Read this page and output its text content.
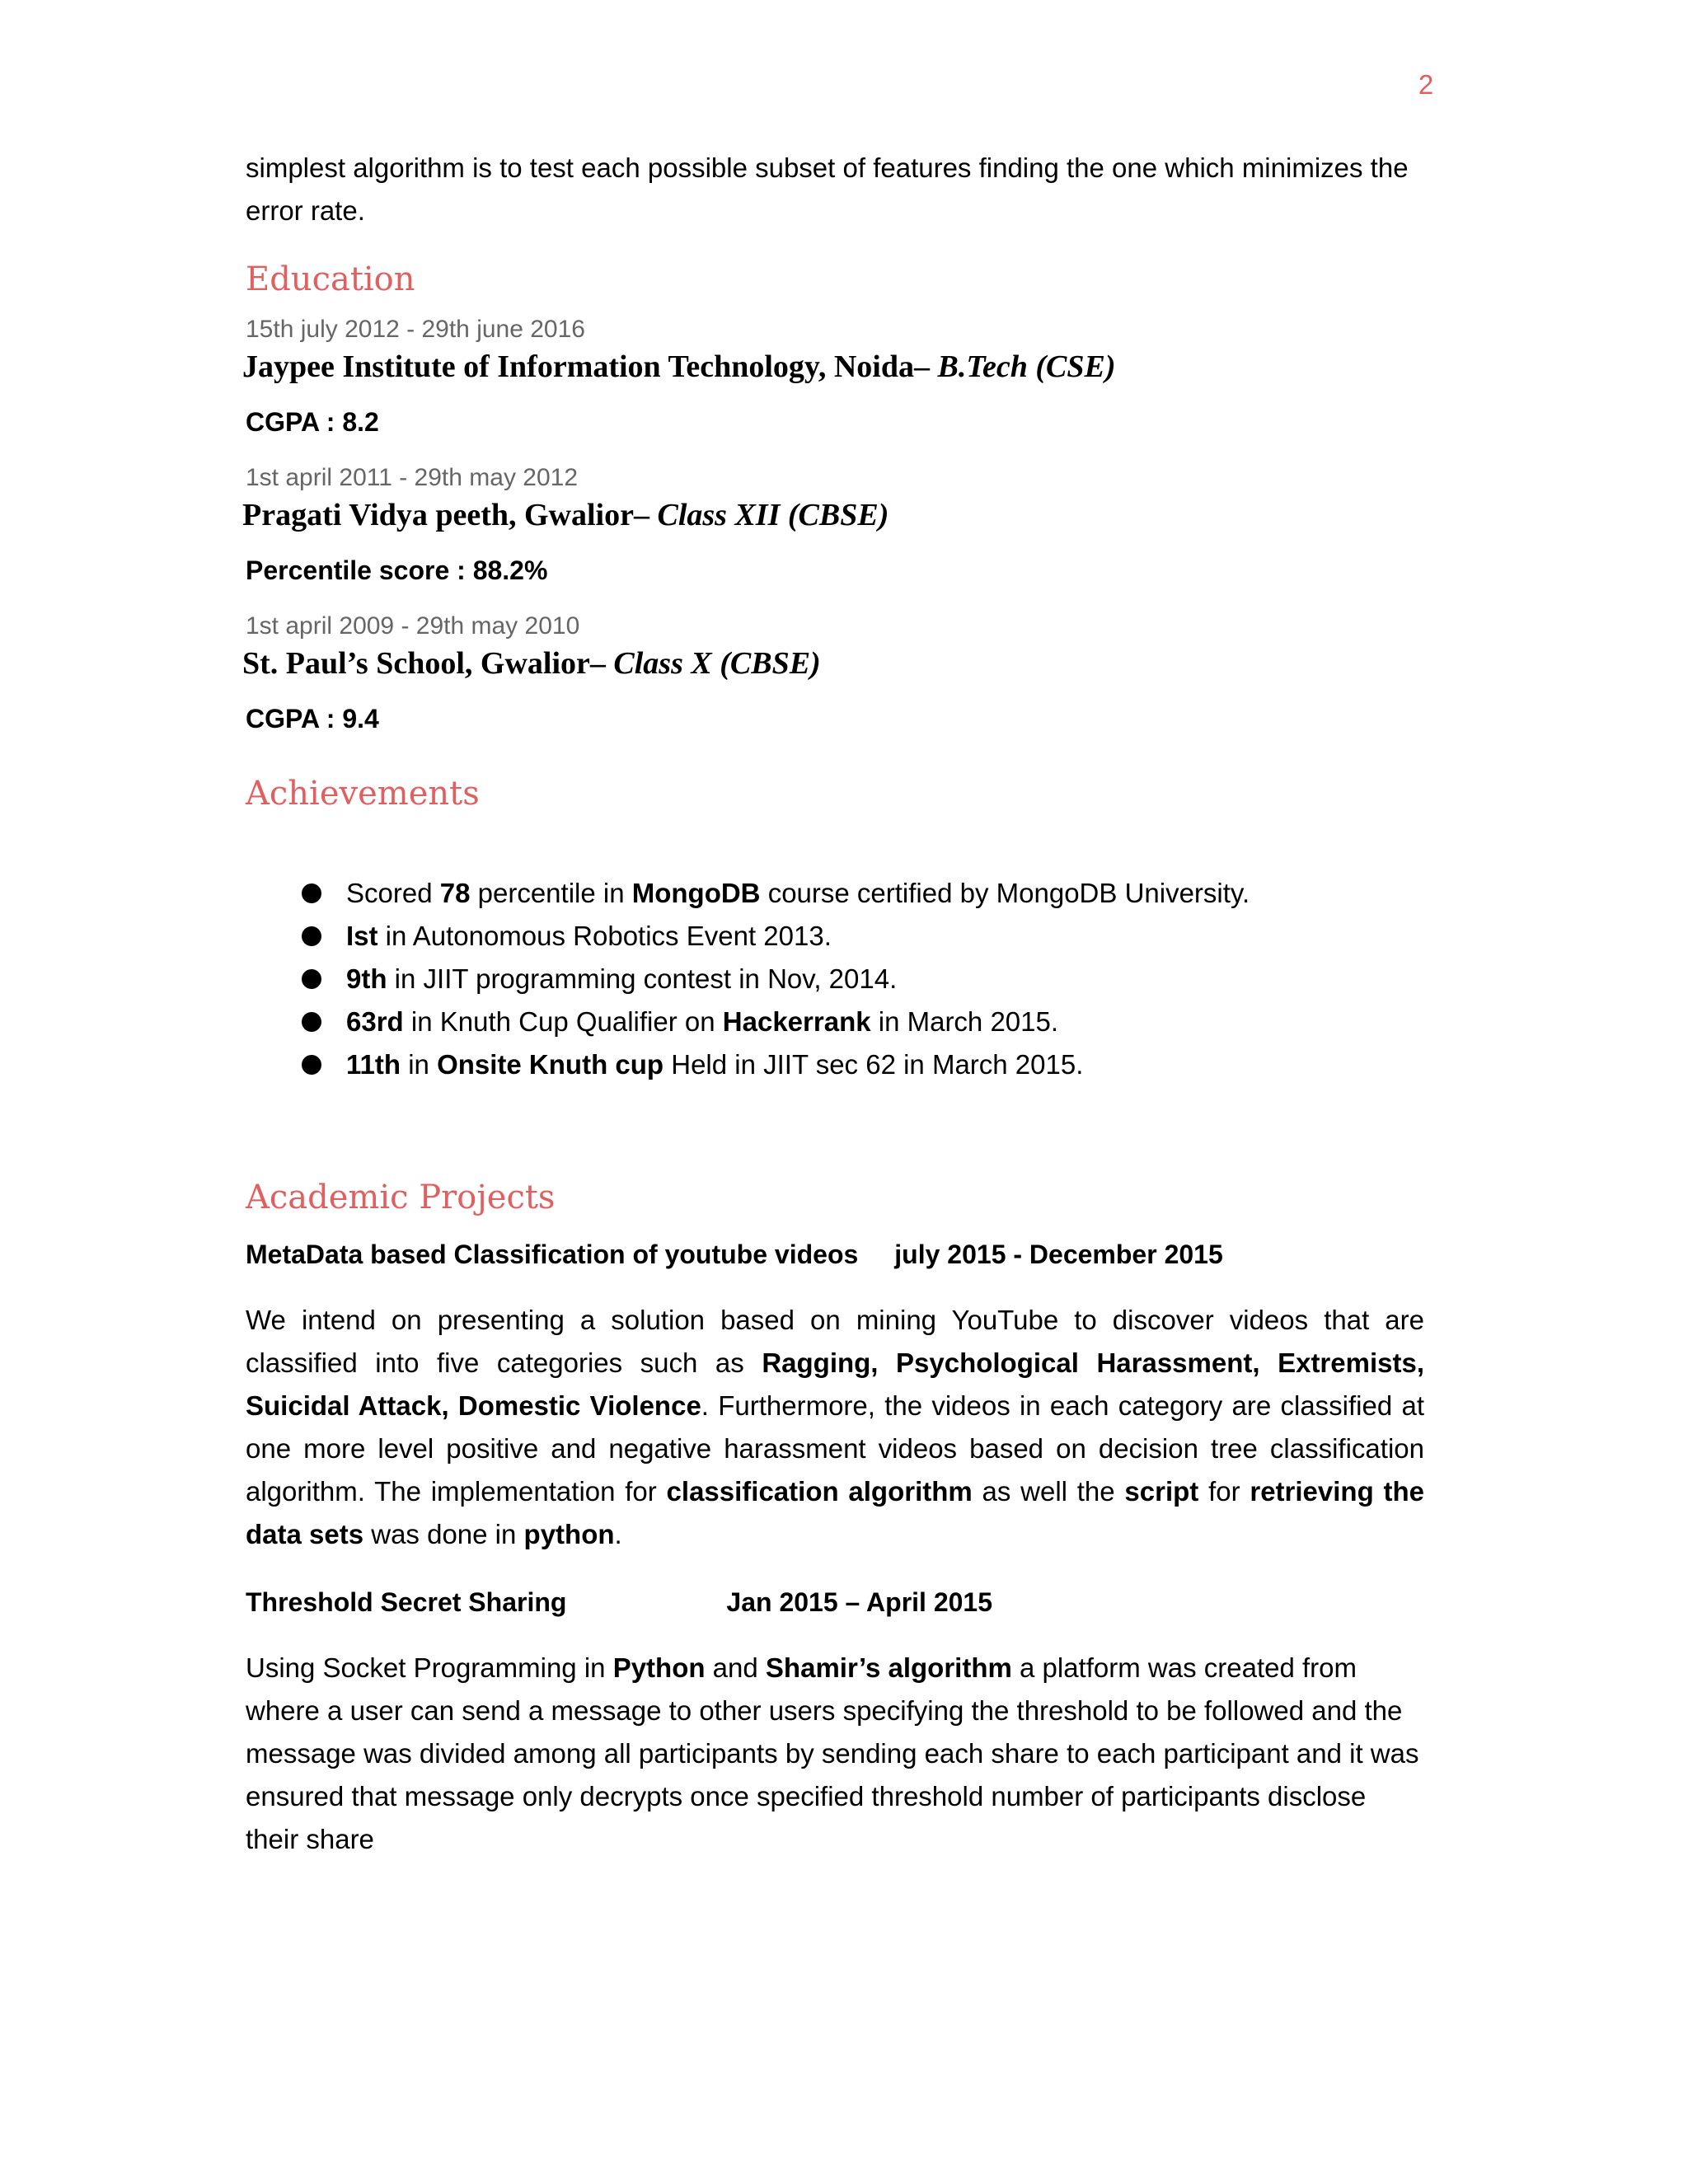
2

simplest algorithm is to test each possible subset of features finding the one which minimizes the error rate.

Education
15th july 2012 - 29th june 2016
Jaypee Institute of Information Technology, Noida– B.Tech (CSE)
CGPA : 8.2
1st april 2011 - 29th may 2012
Pragati Vidya peeth, Gwalior– Class XII (CBSE)
Percentile score : 88.2%
1st april 2009 - 29th may 2010
St. Paul’s School, Gwalior– Class X (CBSE)
CGPA : 9.4
Achievements
Scored 78 percentile in MongoDB course certified by MongoDB University.
Ist in Autonomous Robotics Event 2013.
9th in JIIT programming contest in Nov, 2014.
63rd in Knuth Cup Qualifier on Hackerrank in March 2015.
11th in Onsite Knuth cup Held in JIIT sec 62 in March 2015.
Academic Projects
MetaData based Classification of youtube videos july 2015 - December 2015

We intend on presenting a solution based on mining YouTube to discover videos that are classified into five categories such as Ragging, Psychological Harassment, Extremists, Suicidal Attack, Domestic Violence. Furthermore, the videos in each category are classified at one more level positive and negative harassment videos based on decision tree classification algorithm. The implementation for classification algorithm as well the script for retrieving the data sets was done in python.

Threshold Secret Sharing	Jan 2015 – April 2015

Using Socket Programming in Python and Shamir’s algorithm a platform was created from where a user can send a message to other users specifying the threshold to be followed and the message was divided among all participants by sending each share to each participant and it was ensured that message only decrypts once specified threshold number of participants disclose their share
